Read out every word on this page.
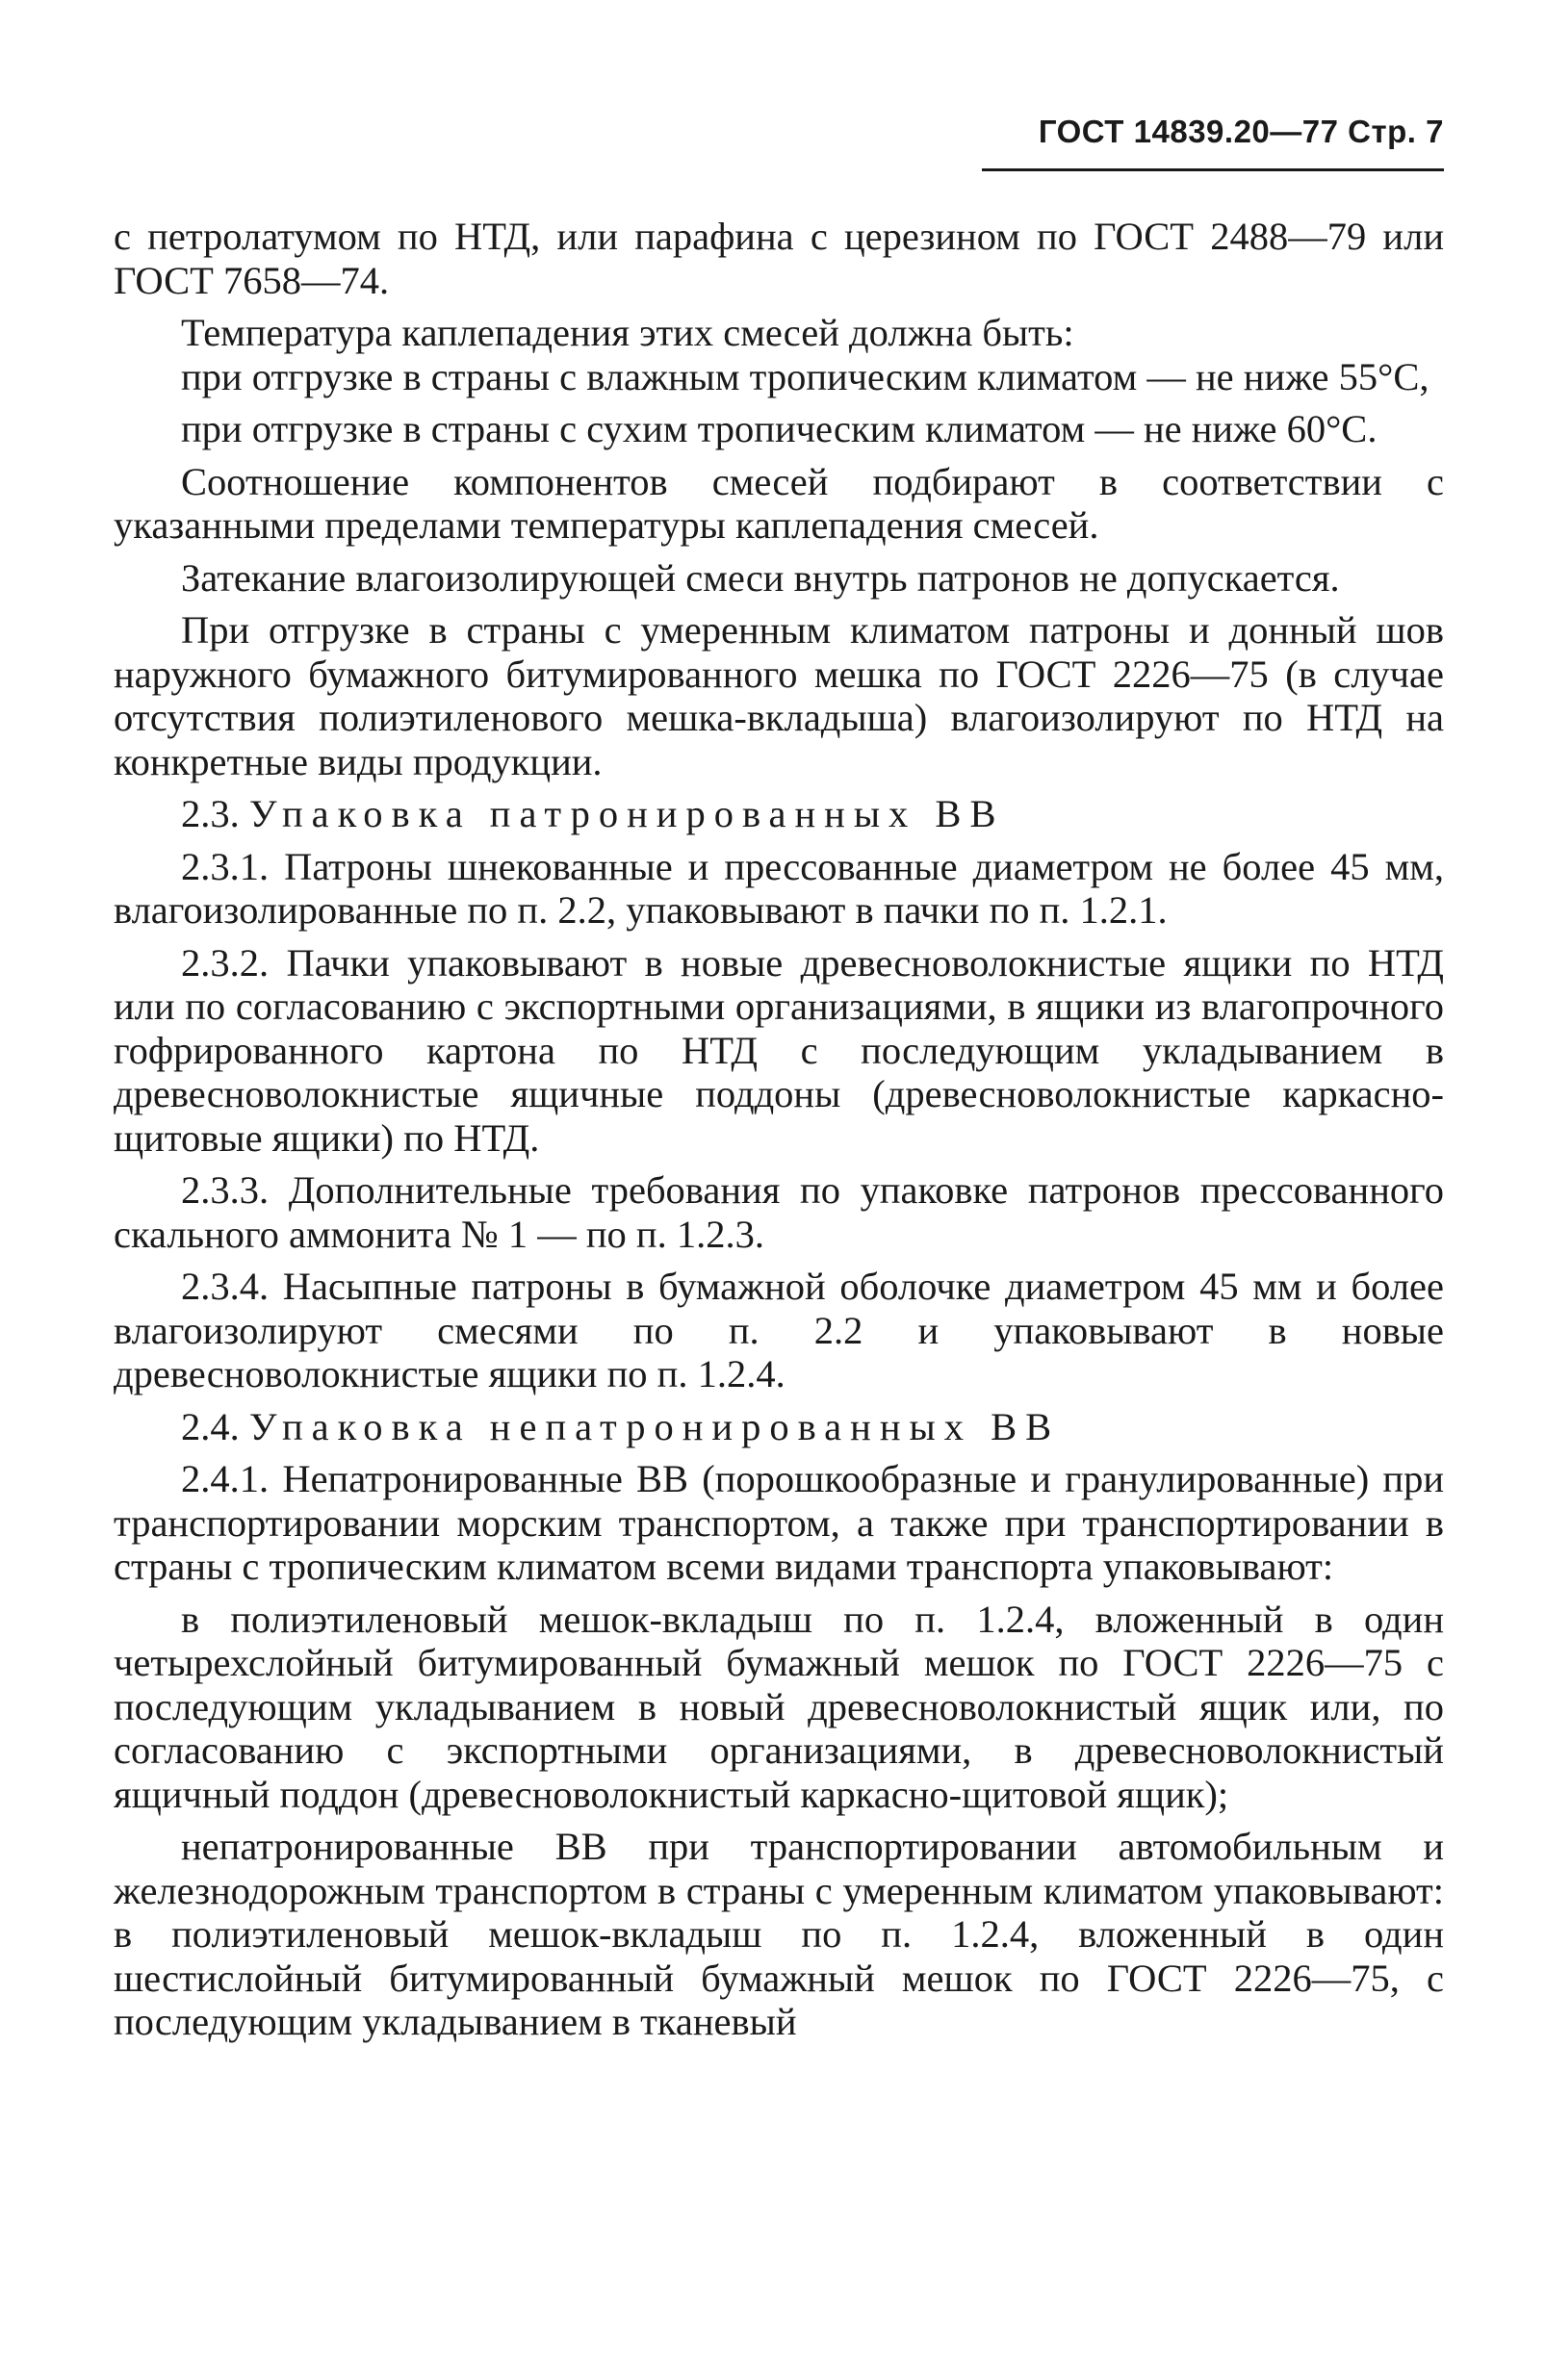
ГОСТ 14839.20—77 Стр. 7
с петролатумом по НТД, или парафина с церезином по ГОСТ 2488—79 или ГОСТ 7658—74.
Температура каплепадения этих смесей должна быть:
при отгрузке в страны с влажным тропическим климатом — не ниже 55°С,
при отгрузке в страны с сухим тропическим климатом — не ниже 60°С.
Соотношение компонентов смесей подбирают в соответствии с указанными пределами температуры каплепадения смесей.
Затекание влагоизолирующей смеси внутрь патронов не допускается.
При отгрузке в страны с умеренным климатом патроны и донный шов наружного бумажного битумированного мешка по ГОСТ 2226—75 (в случае отсутствия полиэтиленового мешка-вкладыша) влагоизолируют по НТД на конкретные виды продукции.
2.3. Упаковка патронированных ВВ
2.3.1. Патроны шнекованные и прессованные диаметром не более 45 мм, влагоизолированные по п. 2.2, упаковывают в пачки по п. 1.2.1.
2.3.2. Пачки упаковывают в новые древесноволокнистые ящики по НТД или по согласованию с экспортными организациями, в ящики из влагопрочного гофрированного картона по НТД с последующим укладыванием в древесноволокнистые ящичные поддоны (древесноволокнистые каркасно-щитовые ящики) по НТД.
2.3.3. Дополнительные требования по упаковке патронов прессованного скального аммонита № 1 — по п. 1.2.3.
2.3.4. Насыпные патроны в бумажной оболочке диаметром 45 мм и более влагоизолируют смесями по п. 2.2 и упаковывают в новые древесноволокнистые ящики по п. 1.2.4.
2.4. Упаковка непатронированных ВВ
2.4.1. Непатронированные ВВ (порошкообразные и гранулированные) при транспортировании морским транспортом, а также при транспортировании в страны с тропическим климатом всеми видами транспорта упаковывают:
в полиэтиленовый мешок-вкладыш по п. 1.2.4, вложенный в один четырехслойный битумированный бумажный мешок по ГОСТ 2226—75 с последующим укладыванием в новый древесноволокнистый ящик или, по согласованию с экспортными организациями, в древесноволокнистый ящичный поддон (древесноволокнистый каркасно-щитовой ящик);
непатронированные ВВ при транспортировании автомобильным и железнодорожным транспортом в страны с умеренным климатом упаковывают: в полиэтиленовый мешок-вкладыш по п. 1.2.4, вложенный в один шестислойный битумированный бумажный мешок по ГОСТ 2226—75, с последующим укладыванием в тканевый
